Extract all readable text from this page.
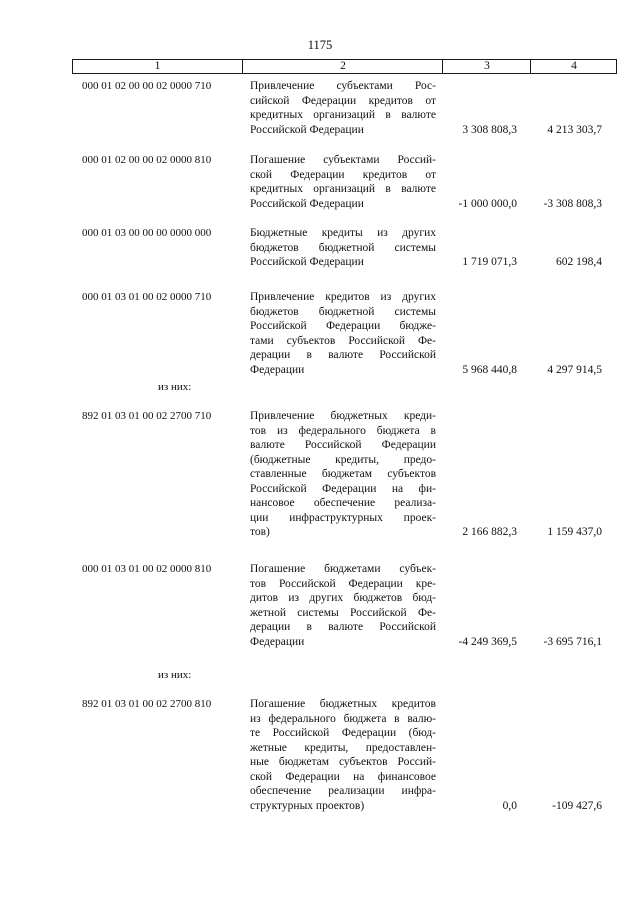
1175
1	2	3	4
000 01 02 00 00 02 0000 710	Привлечение субъектами Рос-
сийской Федерации кредитов от
кредитных организаций в валюте
Российской Федерации	3 308 808,3	4 213 303,7
000 01 02 00 00 02 0000 810	Погашение субъектами Россий-
ской Федерации кредитов от
кредитных организаций в валюте
Российской Федерации	-1 000 000,0	-3 308 808,3
000 01 03 00 00 00 0000 000	Бюджетные кредиты из других
бюджетов бюджетной системы
Российской Федерации	1 719 071,3	602 198,4
000 01 03 01 00 02 0000 710	Привлечение кредитов из других
бюджетов бюджетной системы
Российской Федерации бюдже-
тами субъектов Российской Фе-
дерации в валюте Российской
Федерации	5 968 440,8	4 297 914,5
892 01 03 01 00 02 2700 710	Привлечение бюджетных креди-
тов из федерального бюджета в
валюте Российской Федерации
(бюджетные кредиты, предо-
ставленные бюджетам субъектов
Российской Федерации на фи-
нансовое обеспечение реализа-
ции инфраструктурных проек-
тов)	2 166 882,3	1 159 437,0
000 01 03 01 00 02 0000 810	Погашение бюджетами субъек-
тов Российской Федерации кре-
дитов из других бюджетов бюд-
жетной системы Российской Фе-
дерации в валюте Российской
Федерации	-4 249 369,5	-3 695 716,1
892 01 03 01 00 02 2700 810	Погашение бюджетных кредитов
из федерального бюджета в валю-
те Российской Федерации (бюд-
жетные кредиты, предоставлен-
ные бюджетам субъектов Россий-
ской Федерации на финансовое
обеспечение реализации инфра-
структурных проектов)	0,0	-109 427,6
из них:
из них:
